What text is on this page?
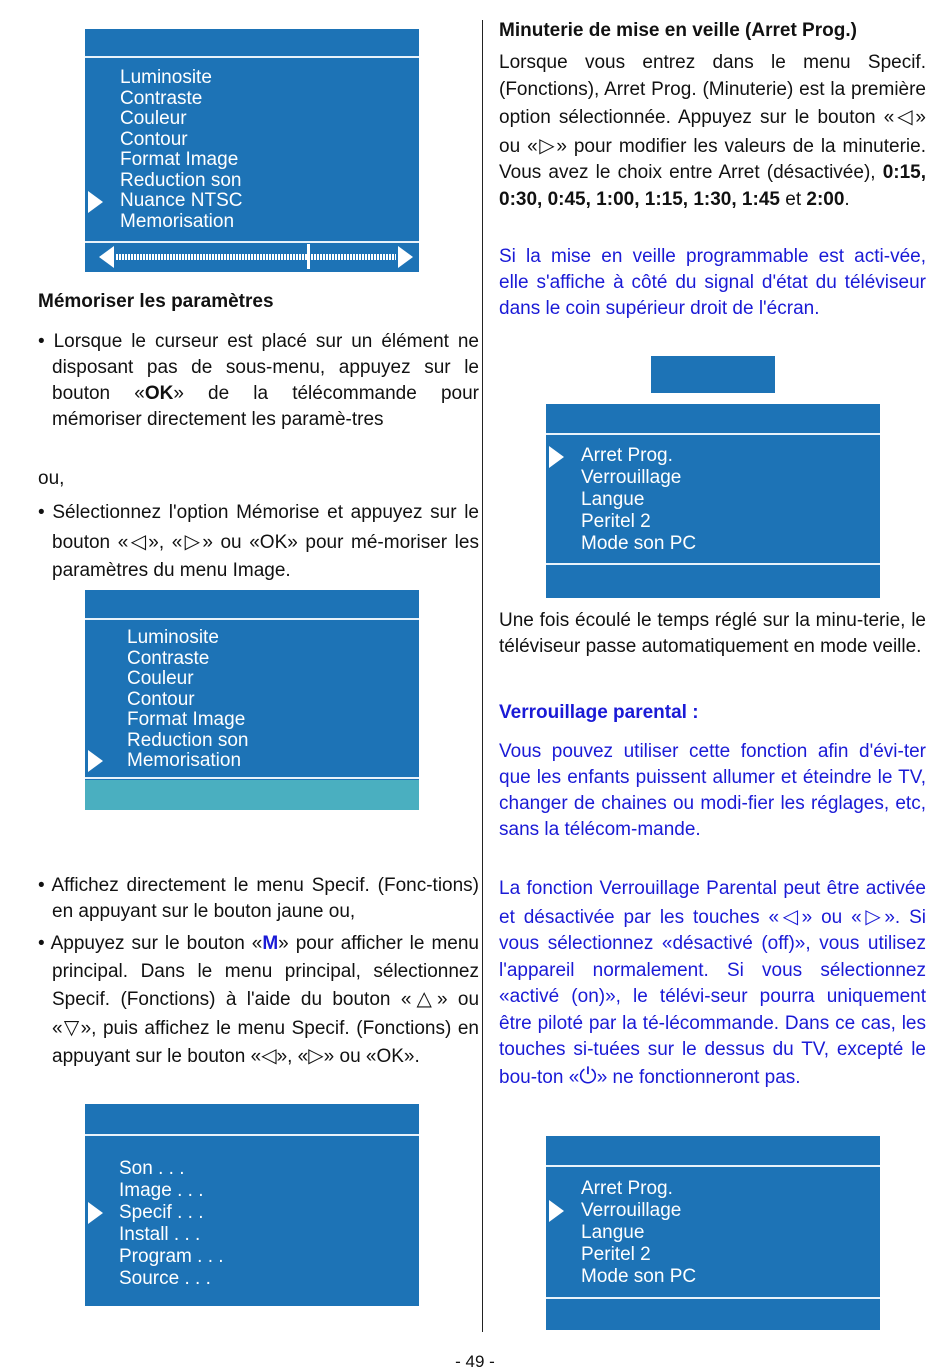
Luminosite
Contraste
Couleur
Contour
Format Image
Reduction son
Nuance NTSC
Memorisation
Mémoriser les paramètres
• Lorsque le curseur est placé sur un élément ne disposant pas de sous-menu, appuyez sur le bouton «OK» de la télécommande pour mémoriser directement les paramè-tres
ou,
• Sélectionnez l'option Mémorise et appuyez sur le bouton «◁», «▷» ou «OK» pour mé-moriser les paramètres du menu Image.
Luminosite
Contraste
Couleur
Contour
Format Image
Reduction son
Memorisation
• Affichez directement le menu Specif. (Fonc-tions) en appuyant sur le bouton jaune ou,
• Appuyez sur le bouton «M» pour afficher le menu principal. Dans le menu principal, sélectionnez Specif. (Fonctions) à l'aide du bouton «△» ou «▽», puis affichez le menu Specif. (Fonctions) en appuyant sur le bouton «◁», «▷» ou «OK».
Son . . .
Image . . .
Specif . . .
Install . . .
Program . . .
Source . . .
Minuterie de mise en veille (Arret Prog.)
Lorsque vous entrez dans le menu Specif. (Fonctions), Arret Prog. (Minuterie) est la première option sélectionnée. Appuyez sur le bouton «◁» ou «▷» pour modifier les valeurs de la minuterie. Vous avez le choix entre Arret (désactivée), 0:15, 0:30, 0:45, 1:00, 1:15, 1:30, 1:45 et 2:00.
Si la mise en veille programmable est acti-vée, elle s'affiche à côté du signal d'état du téléviseur dans le coin supérieur droit de l'écran.
Arret Prog.
Verrouillage
Langue
Peritel 2
Mode son PC
Une fois écoulé le temps réglé sur la minu-terie, le téléviseur passe automatiquement en mode veille.
Verrouillage parental :
Vous pouvez utiliser cette fonction afin d'évi-ter que les enfants puissent allumer et éteindre le TV, changer de chaines ou modi-fier les réglages, etc, sans la télécom-mande.
La fonction Verrouillage Parental peut être activée et désactivée par les touches «◁» ou «▷». Si vous sélectionnez «désactivé (off)», vous utilisez l'appareil normalement. Si vous sélectionnez «activé (on)», le télévi-seur pourra uniquement être piloté par la té-lécommande. Dans ce cas, les touches si-tuées sur le dessus du TV, excepté le bou-ton «⏻» ne fonctionneront pas.
Arret Prog.
Verrouillage
Langue
Peritel 2
Mode son PC
- 49 -
